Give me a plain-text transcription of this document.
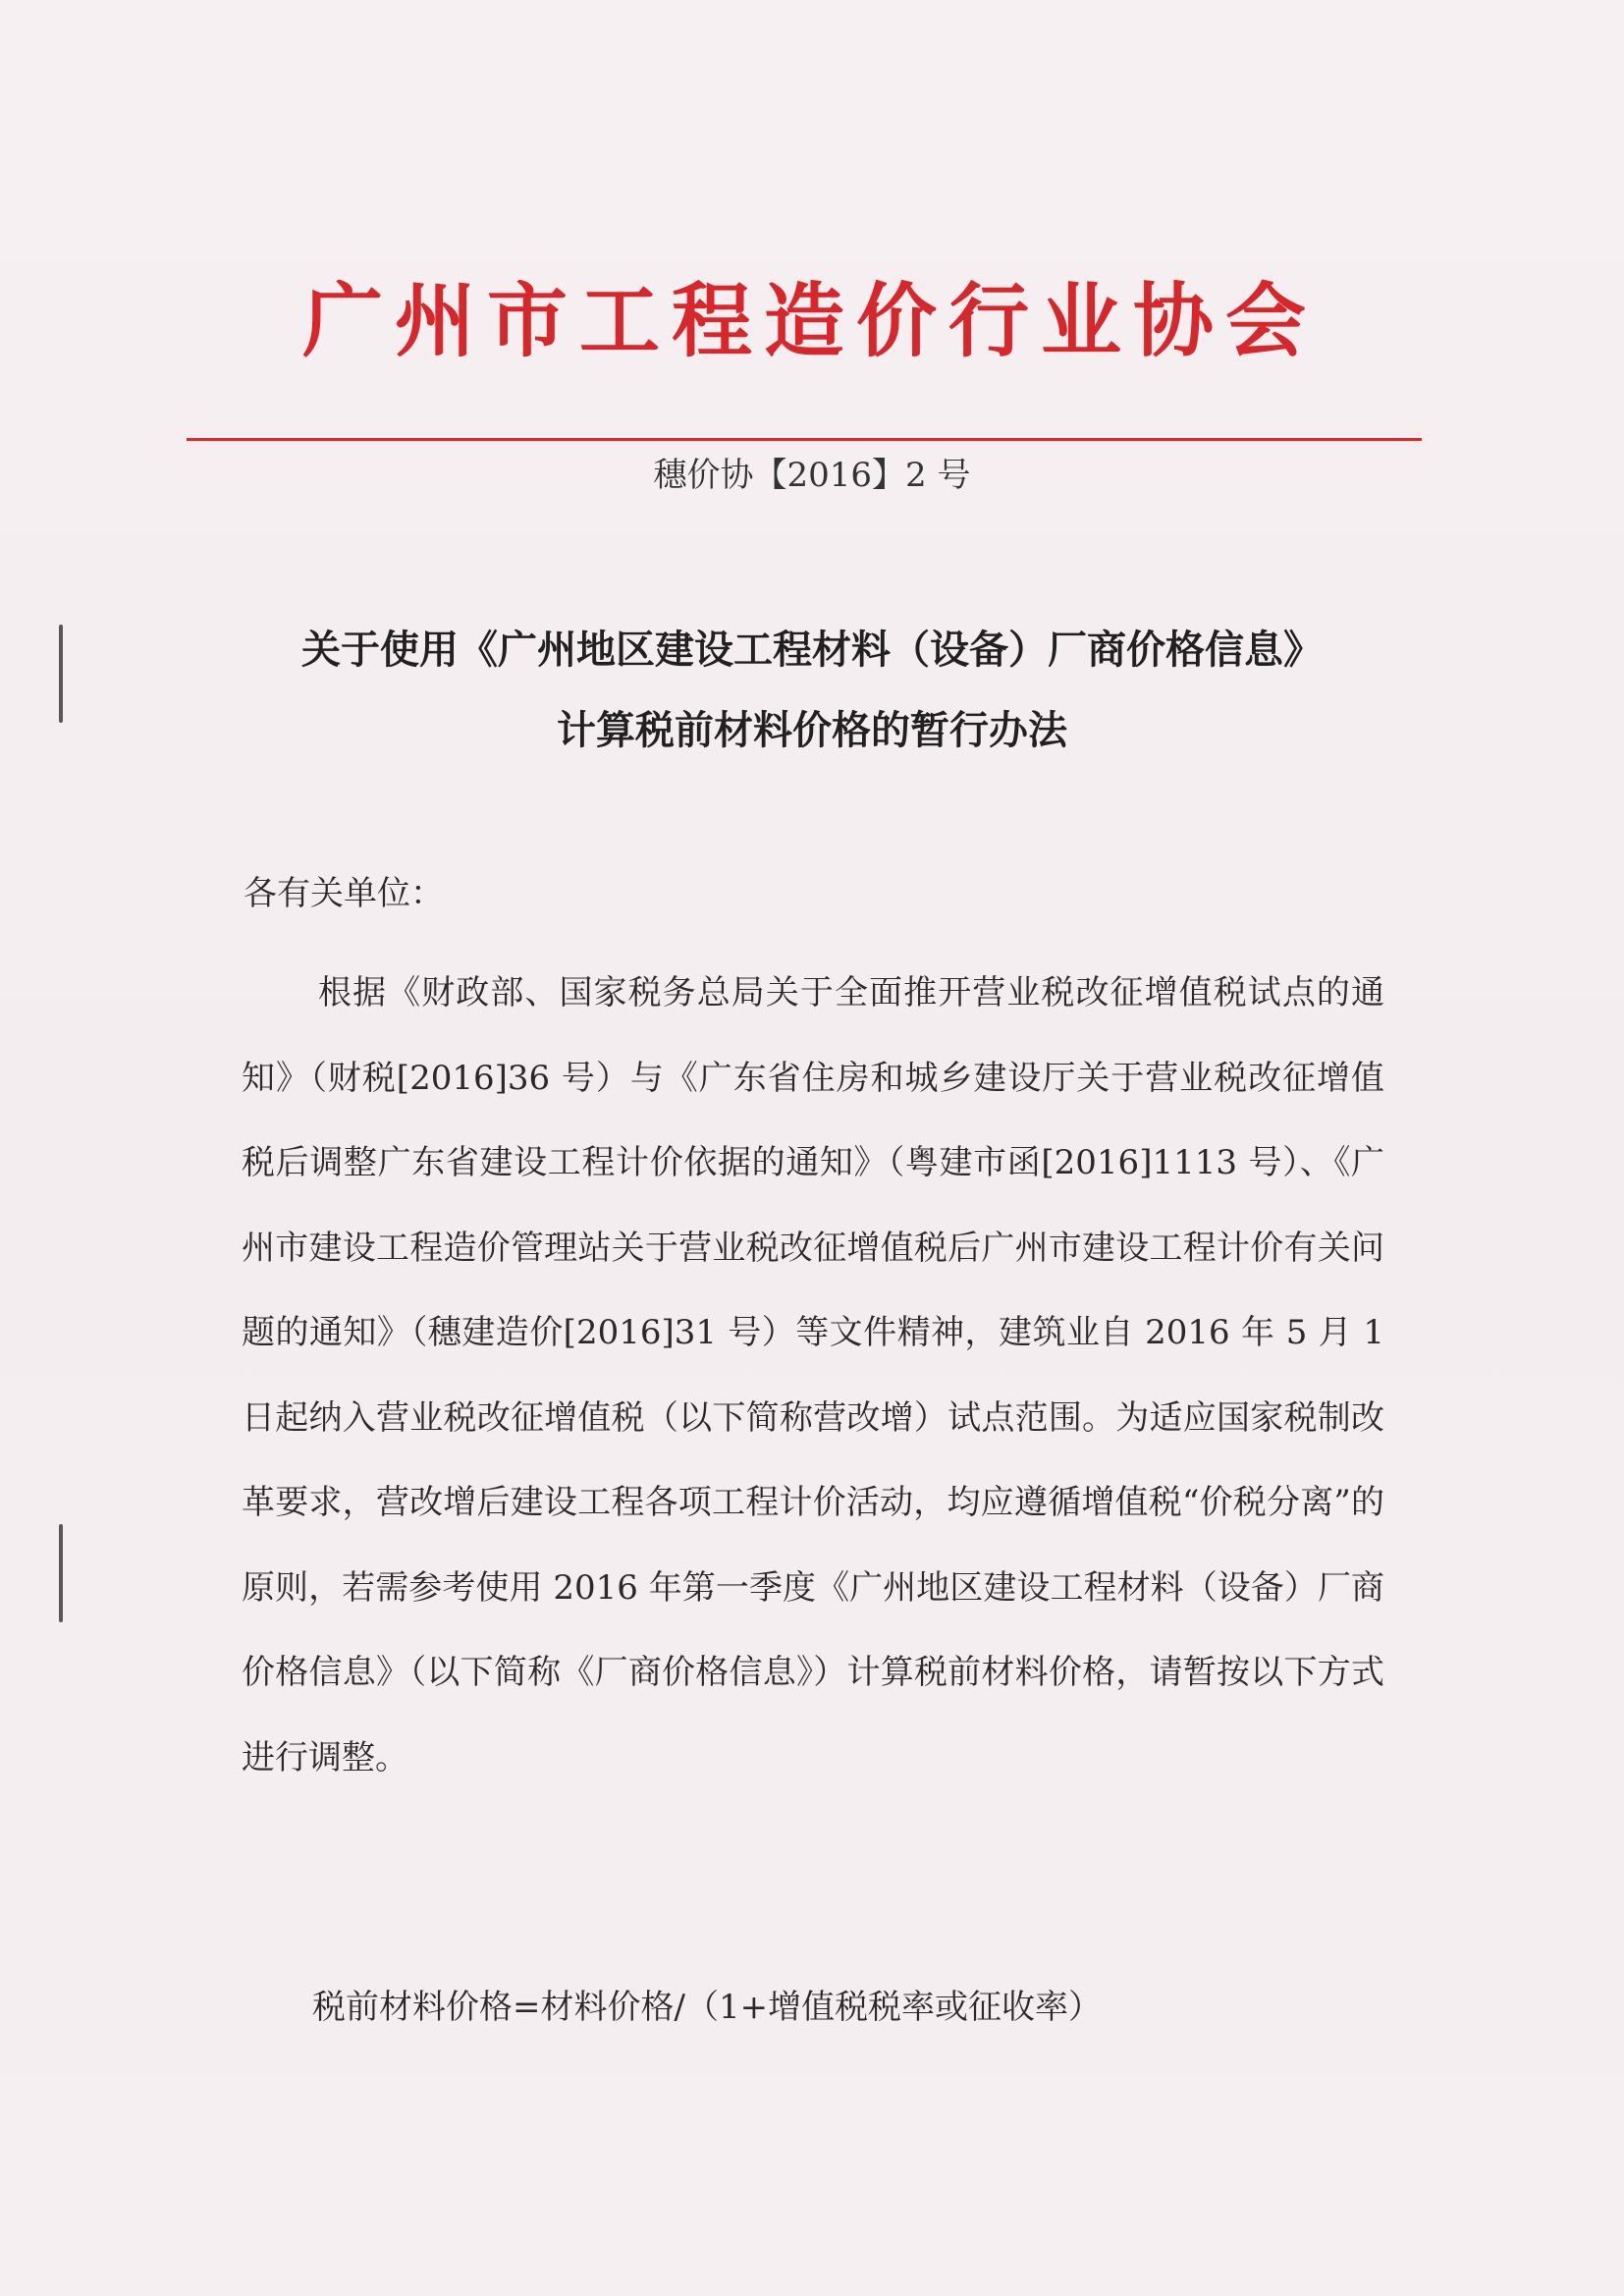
广州市工程造价行业协会
穗价协【2016】2 号
关于使用《广州地区建设工程材料（设备）厂商价格信息》
计算税前材料价格的暂行办法
各有关单位：
根据《财政部、国家税务总局关于全面推开营业税改征增值税试点的通知》（财税[2016]36 号）与《广东省住房和城乡建设厅关于营业税改征增值税后调整广东省建设工程计价依据的通知》（粤建市函[2016]1113 号）、《广州市建设工程造价管理站关于营业税改征增值税后广州市建设工程计价有关问题的通知》（穗建造价[2016]31 号）等文件精神，建筑业自 2016 年 5 月 1 日起纳入营业税改征增值税（以下简称营改增）试点范围。为适应国家税制改革要求，营改增后建设工程各项工程计价活动，均应遵循增值税“价税分离”的原则，若需参考使用 2016 年第一季度《广州地区建设工程材料（设备）厂商价格信息》（以下简称《厂商价格信息》）计算税前材料价格，请暂按以下方式进行调整。
税前材料价格=材料价格/（1+增值税税率或征收率）
